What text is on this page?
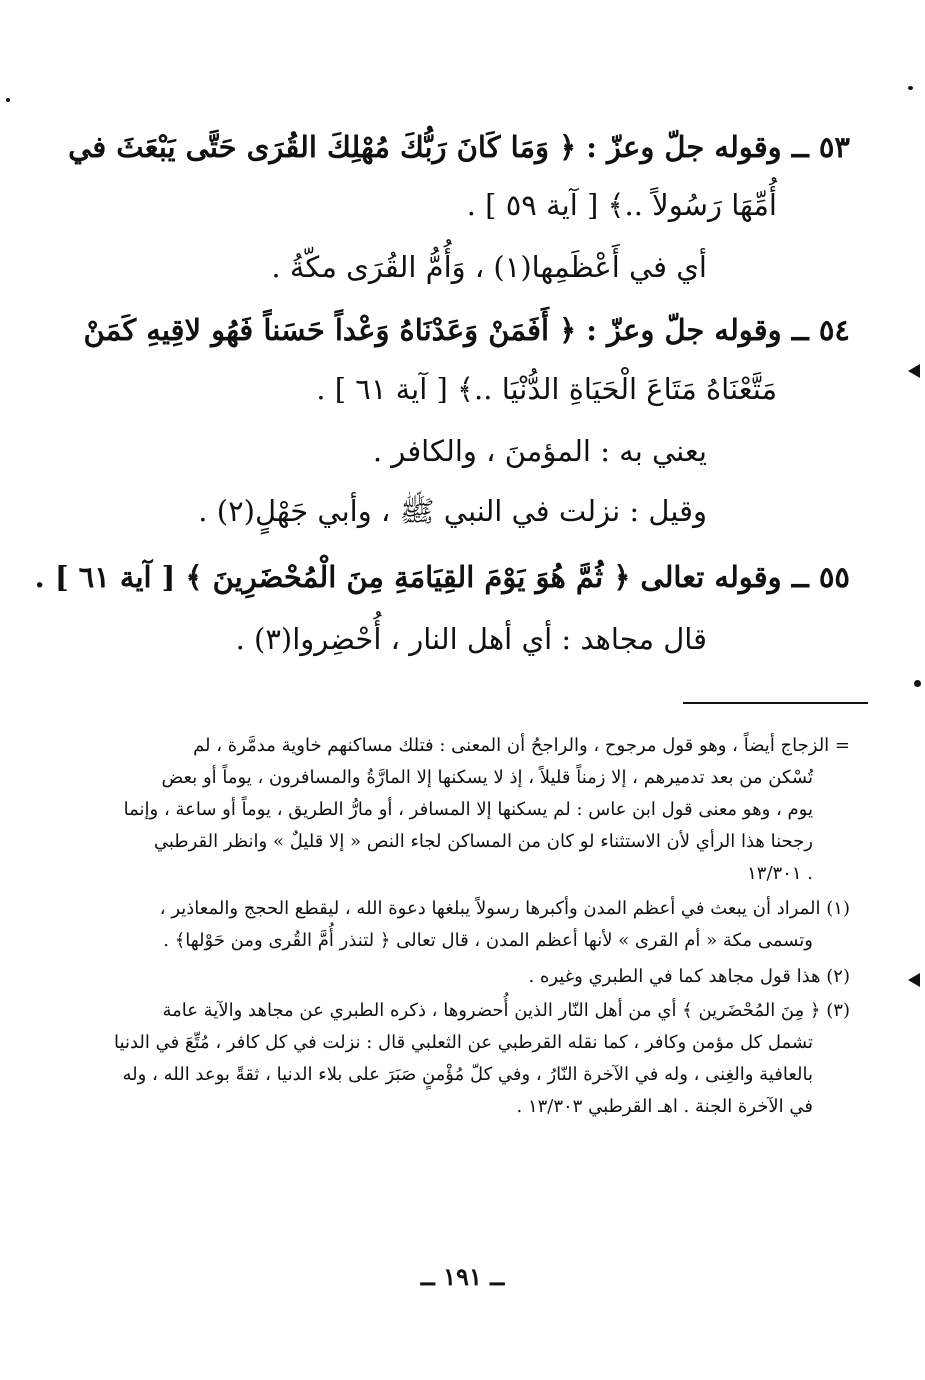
٥٣ ــ وقوله جلّ وعزّ : ﴿ وَمَا كَانَ رَبُّكَ مُهْلِكَ القُرَى حَتَّى يَبْعَثَ في
أُمِّهَا رَسُولاً ..﴾ [ آية ٥٩ ] .
أي في أَعْظَمِها(١) ، وَأُمُّ القُرَى مكّةُ .
٥٤ ــ وقوله جلّ وعزّ : ﴿ أَفَمَنْ وَعَدْنَاهُ وَعْداً حَسَناً فَهُو لاقِيهِ كَمَنْ
مَتَّعْنَاهُ مَتَاعَ الْحَيَاةِ الدُّنْيَا ..﴾ [ آية ٦١ ] .
يعني به : المؤمنَ ، والكافر .
وقيل : نزلت في النبي ﷺ ، وأبي جَهْلٍ(٢) .
٥٥ ــ وقوله تعالى ﴿ ثُمَّ هُوَ يَوْمَ القِيَامَةِ مِنَ الْمُحْضَرِينَ ﴾ [ آية ٦١ ] .
قال مجاهد : أي أهل النار ، أُحْضِروا(٣) .
= الزجاج أيضاً ، وهو قول مرجوح ، والراجحُ أن المعنى : فتلك مساكنهم خاوية مدمَّرة ، لم
تُسْكن من بعد تدميرهم ، إلا زمناً قليلاً ، إذ لا يسكنها إلا المارَّةُ والمسافرون ، يوماً أو بعض
يوم ، وهو معنى قول ابن عاس : لم يسكنها إلا المسافر ، أو مارُّ الطريق ، يوماً أو ساعة ، وإنما
رجحنا هذا الرأي لأن الاستثناء لو كان من المساكن لجاء النص « إلا قليلٌ » وانظر القرطبي
١٣/٣٠١ .
(١) المراد أن يبعث في أعظم المدن وأكبرها رسولاً يبلغها دعوة الله ، ليقطع الحجج والمعاذير ،
وتسمى مكة « أم القرى » لأنها أعظم المدن ، قال تعالى ﴿ لتنذر أُمَّ القُرى ومن حَوْلها﴾ .
(٢) هذا قول مجاهد كما في الطبري وغيره .
(٣) ﴿ مِنَ المُحْضَرين ﴾ أي من أهل النّار الذين أُحضروها ، ذكره الطبري عن مجاهد والآية عامة
تشمل كل مؤمن وكافر ، كما نقله القرطبي عن الثعلبي قال : نزلت في كل كافر ، مُتِّعَ في الدنيا
بالعافية والغِنى ، وله في الآخرة النّارُ ، وفي كلّ مُؤْمنٍ صَبَرَ على بلاء الدنيا ، ثقةً بوعد الله ، وله
في الآخرة الجنة . اهـ القرطبي ١٣/٣٠٣ .
ــ ١٩١ ــ
